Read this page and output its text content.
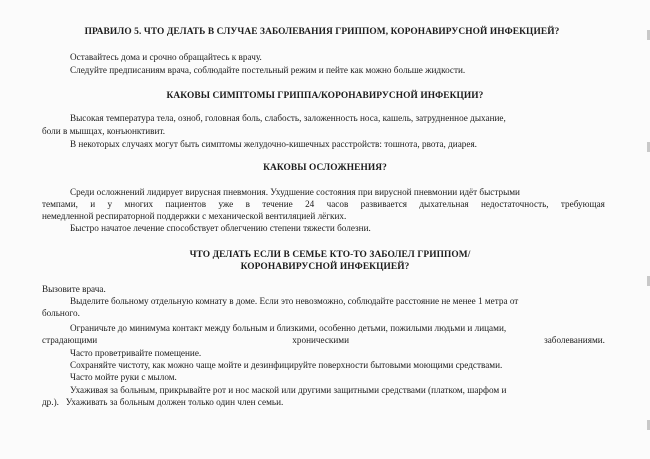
ПРАВИЛО 5. ЧТО ДЕЛАТЬ В СЛУЧАЕ ЗАБОЛЕВАНИЯ ГРИППОМ, КОРОНАВИРУСНОЙ ИНФЕКЦИЕЙ?
Оставайтесь дома и срочно обращайтесь к врачу.
Следуйте предписаниям врача, соблюдайте постельный режим и пейте как можно больше жидкости.
КАКОВЫ СИМПТОМЫ ГРИППА/КОРОНАВИРУСНОЙ ИНФЕКЦИИ?
Высокая температура тела, озноб, головная боль, слабость, заложенность носа, кашель, затрудненное дыхание,
боли в мышцах, конъюнктивит.
В некоторых случаях могут быть симптомы желудочно-кишечных расстройств: тошнота, рвота, диарея.
КАКОВЫ ОСЛОЖНЕНИЯ?
Среди осложнений лидирует вирусная пневмония. Ухудшение состояния при вирусной пневмонии идёт быстрыми
темпами, и у многих пациентов уже в течение 24 часов развивается дыхательная недостаточность, требующая
немедленной респираторной поддержки с механической вентиляцией лёгких.
Быстро начатое лечение способствует облегчению степени тяжести болезни.
ЧТО ДЕЛАТЬ ЕСЛИ В СЕМЬЕ КТО-ТО ЗАБОЛЕЛ ГРИППОМ/
КОРОНАВИРУСНОЙ ИНФЕКЦИЕЙ?
Вызовите врача.
Выделите больному отдельную комнату в доме. Если это невозможно, соблюдайте расстояние не менее 1 метра от
больного.
Ограничьте до минимума контакт между больным и близкими, особенно детьми, пожилыми людьми и лицами,
страдающими	хроническими	заболеваниями.
Часто проветривайте помещение.
Сохраняйте чистоту, как можно чаще мойте и дезинфицируйте поверхности бытовыми моющими средствами.
Часто мойте руки с мылом.
Ухаживая за больным, прикрывайте рот и нос маской или другими защитными средствами (платком, шарфом и
др.).   Ухаживать за больным должен только один член семьи.
